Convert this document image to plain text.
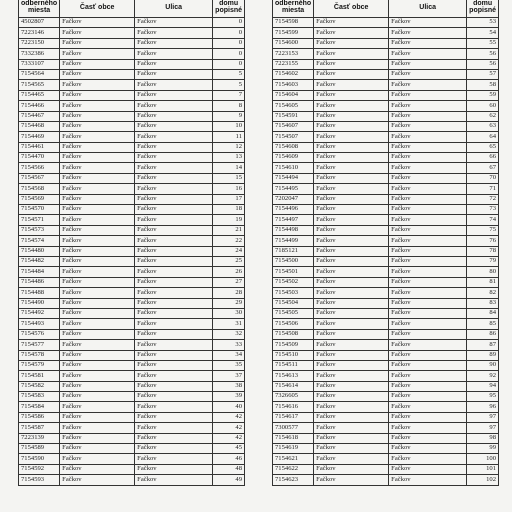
odberného miesta	Časť obce	Ulica	domu popisné
4502807	Fačkov	Fačkov	0
7223146	Fačkov	Fačkov	0
7223150	Fačkov	Fačkov	0
7332386	Fačkov	Fačkov	0
7333107	Fačkov	Fačkov	0
7154564	Fačkov	Fačkov	5
7154565	Fačkov	Fačkov	5
7154465	Fačkov	Fačkov	7
7154466	Fačkov	Fačkov	8
7154467	Fačkov	Fačkov	9
7154468	Fačkov	Fačkov	10
7154469	Fačkov	Fačkov	11
7154461	Fačkov	Fačkov	12
7154470	Fačkov	Fačkov	13
7154566	Fačkov	Fačkov	14
7154567	Fačkov	Fačkov	15
7154568	Fačkov	Fačkov	16
7154569	Fačkov	Fačkov	17
7154570	Fačkov	Fačkov	18
7154571	Fačkov	Fačkov	19
7154573	Fačkov	Fačkov	21
7154574	Fačkov	Fačkov	22
7154480	Fačkov	Fačkov	24
7154482	Fačkov	Fačkov	25
7154484	Fačkov	Fačkov	26
7154486	Fačkov	Fačkov	27
7154488	Fačkov	Fačkov	28
7154490	Fačkov	Fačkov	29
7154492	Fačkov	Fačkov	30
7154493	Fačkov	Fačkov	31
7154576	Fačkov	Fačkov	32
7154577	Fačkov	Fačkov	33
7154578	Fačkov	Fačkov	34
7154579	Fačkov	Fačkov	35
7154581	Fačkov	Fačkov	37
7154582	Fačkov	Fačkov	38
7154583	Fačkov	Fačkov	39
7154584	Fačkov	Fačkov	40
7154586	Fačkov	Fačkov	42
7154587	Fačkov	Fačkov	42
7223139	Fačkov	Fačkov	42
7154589	Fačkov	Fačkov	45
7154590	Fačkov	Fačkov	46
7154592	Fačkov	Fačkov	48
7154593	Fačkov	Fačkov	49
odberného miesta	Časť obce	Ulica	domu popisné
7154598	Fačkov	Fačkov	53
7154599	Fačkov	Fačkov	54
7154600	Fačkov	Fačkov	55
7223153	Fačkov	Fačkov	56
7223155	Fačkov	Fačkov	56
7154602	Fačkov	Fačkov	57
7154603	Fačkov	Fačkov	58
7154604	Fačkov	Fačkov	59
7154605	Fačkov	Fačkov	60
7154591	Fačkov	Fačkov	62
7154607	Fačkov	Fačkov	63
7154507	Fačkov	Fačkov	64
7154608	Fačkov	Fačkov	65
7154609	Fačkov	Fačkov	66
7154610	Fačkov	Fačkov	67
7154494	Fačkov	Fačkov	70
7154495	Fačkov	Fačkov	71
7202047	Fačkov	Fačkov	72
7154496	Fačkov	Fačkov	73
7154497	Fačkov	Fačkov	74
7154498	Fačkov	Fačkov	75
7154499	Fačkov	Fačkov	76
7185121	Fačkov	Fačkov	78
7154500	Fačkov	Fačkov	79
7154501	Fačkov	Fačkov	80
7154502	Fačkov	Fačkov	81
7154503	Fačkov	Fačkov	82
7154504	Fačkov	Fačkov	83
7154505	Fačkov	Fačkov	84
7154506	Fačkov	Fačkov	85
7154508	Fačkov	Fačkov	86
7154509	Fačkov	Fačkov	87
7154510	Fačkov	Fačkov	89
7154511	Fačkov	Fačkov	90
7154613	Fačkov	Fačkov	92
7154614	Fačkov	Fačkov	94
7326605	Fačkov	Fačkov	95
7154616	Fačkov	Fačkov	96
7154617	Fačkov	Fačkov	97
7300577	Fačkov	Fačkov	97
7154618	Fačkov	Fačkov	98
7154619	Fačkov	Fačkov	99
7154621	Fačkov	Fačkov	100
7154622	Fačkov	Fačkov	101
7154623	Fačkov	Fačkov	102
